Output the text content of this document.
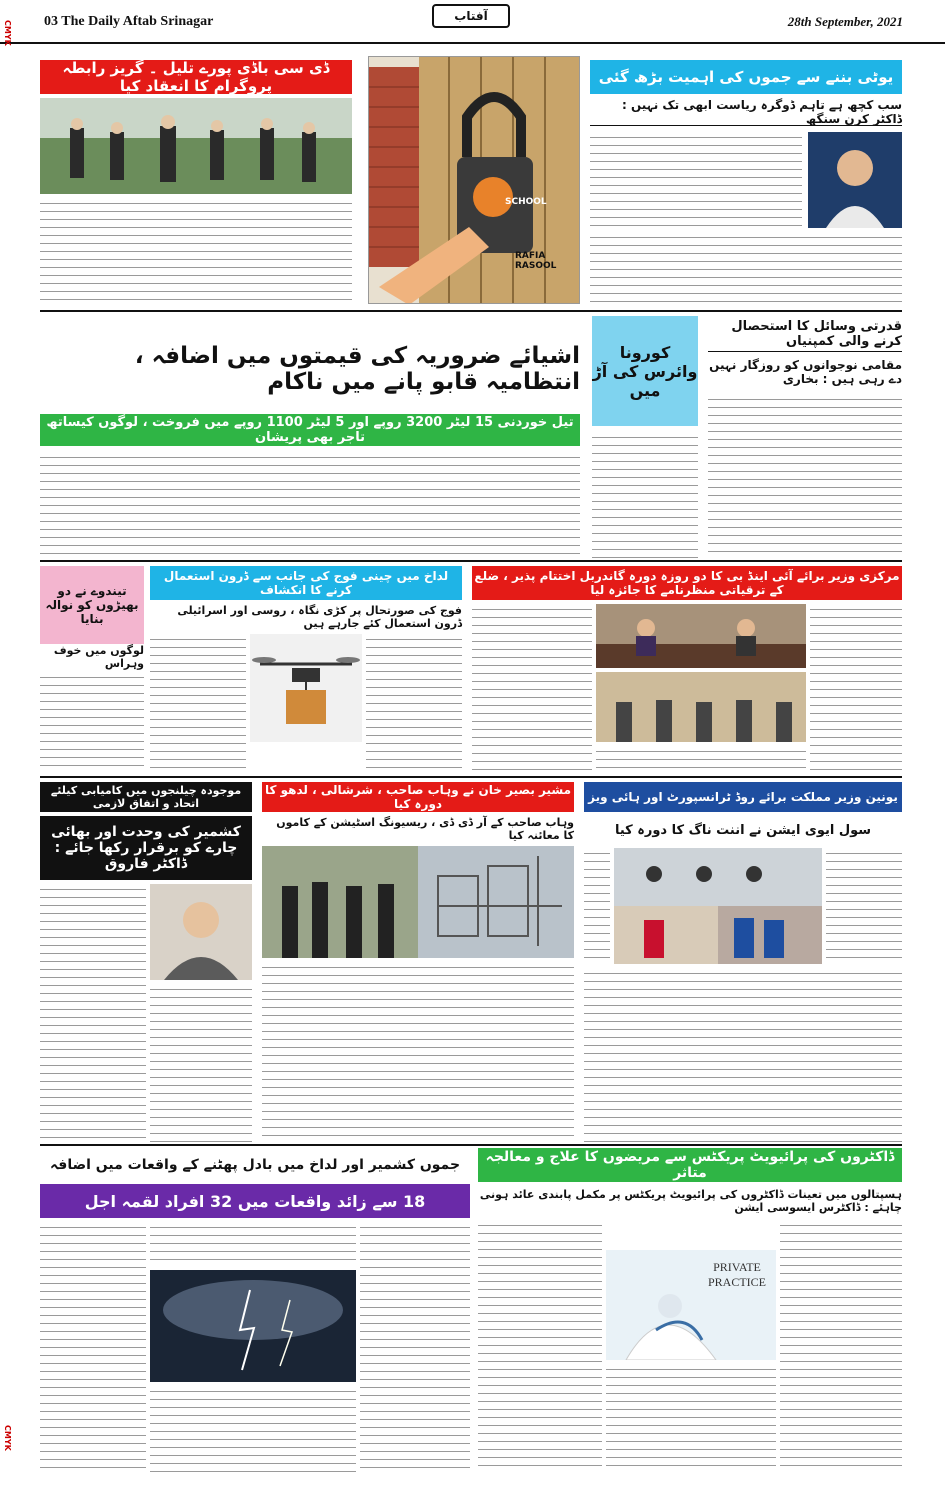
03 The Daily Aftab Srinagar	آفتاب	28th September, 2021
CMYK
CMYK
ڈی سی باڈی پورے تلیل ۔ گریز رابطہ پروگرام کا انعقاد کیا
SCHOOL
RAFIA RASOOL
یوٹی بننے سے جموں کی اہمیت بڑھ گئی
سب کچھ ہے تاہم ڈوگرہ ریاست ابھی تک نہیں : ڈاکٹر کرن سنگھ
اشیائے ضروریہ کی قیمتوں میں اضافہ ، انتظامیہ قابو پانے میں ناکام
تیل خوردنی 15 لیٹر 3200 روپے اور 5 لیٹر 1100 روپے میں فروخت ، لوگوں کیساتھ تاجر بھی پریشان
کورونا وائرس کی آڑ میں
قدرتی وسائل کا استحصال کرنے والی کمپنیاں
مقامی نوجوانوں کو روزگار نہیں دے رہی ہیں : بخاری
تیندوے نے دو بھیڑوں کو نوالہ بنایا
لوگوں میں خوف وہراس
لداخ میں چینی فوج کی جانب سے ڈرون استعمال کرنے کا انکشاف
فوج کی صورتحال پر کڑی نگاہ ، روسی اور اسرائیلی ڈرون استعمال کئے جارہے ہیں
مرکزی وزیر برائے آئی اینڈ بی کا دو روزہ دورہ گاندربل اختتام پذیر ، ضلع کے ترقیاتی منظرنامے کا جائزہ لیا
موجودہ چیلنجوں میں کامیابی کیلئے اتحاد و اتفاق لازمی
کشمیر کی وحدت اور بھائی چارے کو برقرار رکھا جائے : ڈاکٹر فاروق
مشیر بصیر خان نے وہاب صاحب ، شرشالی ، لدھو کا دورہ کیا
وہاب صاحب کے آر ڈی ڈی ، ریسیونگ اسٹیشن کے کاموں کا معائنہ کیا
یونین وزیر مملکت برائے روڈ ٹرانسپورٹ اور ہائی ویز
سول ایوی ایشن نے اننت ناگ کا دورہ کیا
جموں کشمیر اور لداخ میں بادل پھٹنے کے واقعات میں اضافہ
18 سے زائد واقعات میں 32 افراد لقمہ اجل
ڈاکٹروں کی پرائیویٹ پریکٹس سے مریضوں کا علاج و معالجہ متاثر
ہسپتالوں میں تعینات ڈاکٹروں کی پرائیویٹ پریکٹس پر مکمل پابندی عائد ہونی چاہئے : ڈاکٹرس ایسوسی ایشن
PRIVATE PRACTICE
